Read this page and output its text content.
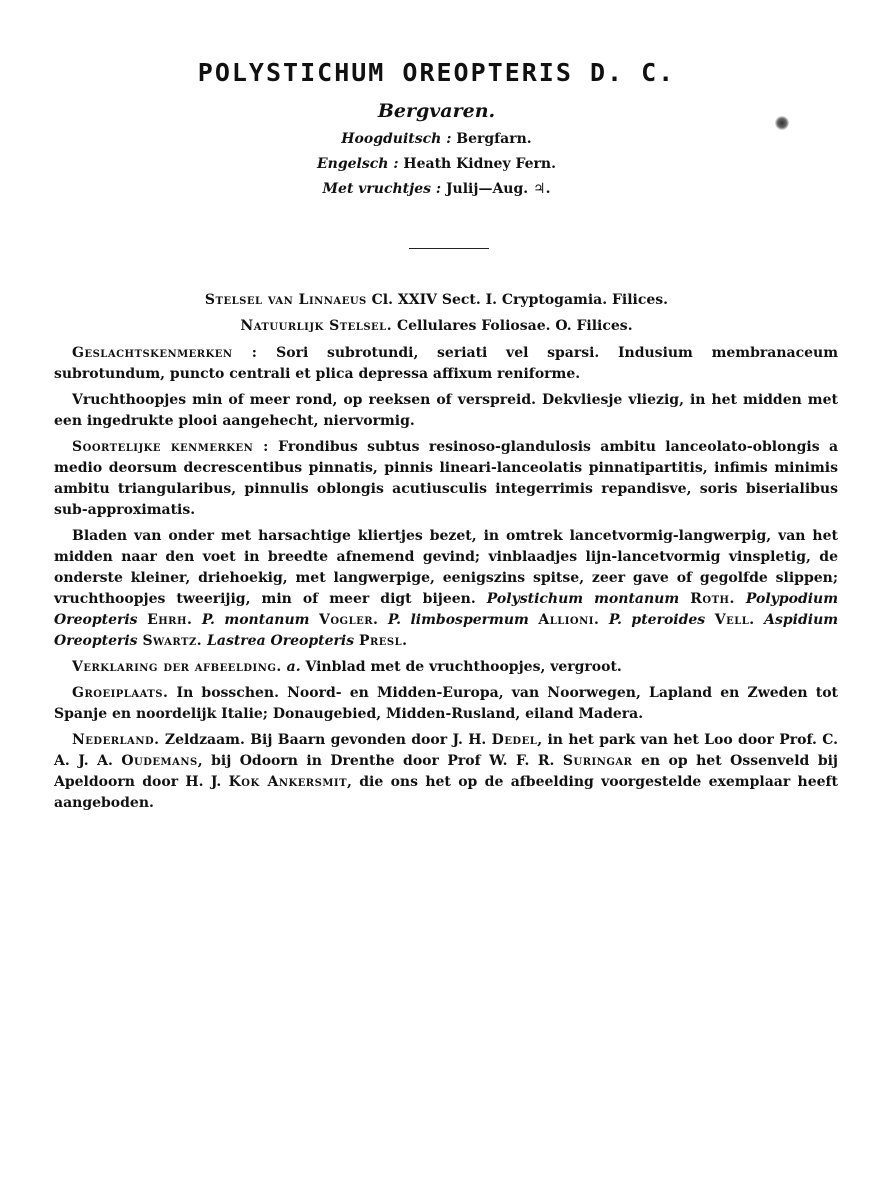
POLYSTICHUM OREOPTERIS D. C.
Bergvaren.
Hoogduitsch : Bergfarn.
Engelsch : Heath Kidney Fern.
Met vruchtjes : Julij—Aug. ♃.
Stelsel van Linnaeus Cl. XXIV Sect. I. Cryptogamia. Filices.
Natuurlijk Stelsel. Cellulares Foliosae. O. Filices.

Geslachtskenmerken : Sori subrotundi, seriati vel sparsi. Indusium membranaceum subrotundum, puncto centrali et plica depressa affixum reniforme.

Vruchthoopjes min of meer rond, op reeksen of verspreid. Dekvliesje vliezig, in het midden met een ingedrukte plooi aangehecht, niervormig.

Soortelijke kenmerken : Frondibus subtus resinoso-glandulosis ambitu lanceolato-oblongis a medio deorsum decrescentibus pinnatis, pinnis lineari-lanceolatis pinnatipartitis, infimis minimis ambitu triangularibus, pinnulis oblongis acutiusculis integerrimis repandisve, soris biserialibus sub-approximatis.

Bladen van onder met harsachtige kliertjes bezet, in omtrek lancetvormig-langwerpig, van het midden naar den voet in breedte afnemend gevind; vinblaadjes lijn-lancetvormig vinspletig, de onderste kleiner, driehoekig, met langwerpige, eenigszins spitse, zeer gave of gegolfde slippen; vruchthoopjes tweerijig, min of meer digt bijeen. Polystichum montanum Roth. Polypodium Oreopteris Ehrh. P. montanum Vogler. P. limbospermum Allioni. P. pteroides Vell. Aspidium Oreopteris Swartz. Lastrea Oreopteris Presl.

Verklaring der afbeelding. a. Vinblad met de vruchthoopjes, vergroot.

Groeiplaats. In bosschen. Noord- en Midden-Europa, van Noorwegen, Lapland en Zweden tot Spanje en noordelijk Italie; Donaugebied, Midden-Rusland, eiland Madera.

Nederland. Zeldzaam. Bij Baarn gevonden door J. H. Dedel, in het park van het Loo door Prof. C. A. J. A. Oudemans, bij Odoorn in Drenthe door Prof W. F. R. Suringar en op het Ossenveld bij Apeldoorn door H. J. Kok Ankersmit, die ons het op de afbeelding voorgestelde exemplaar heeft aangeboden.
